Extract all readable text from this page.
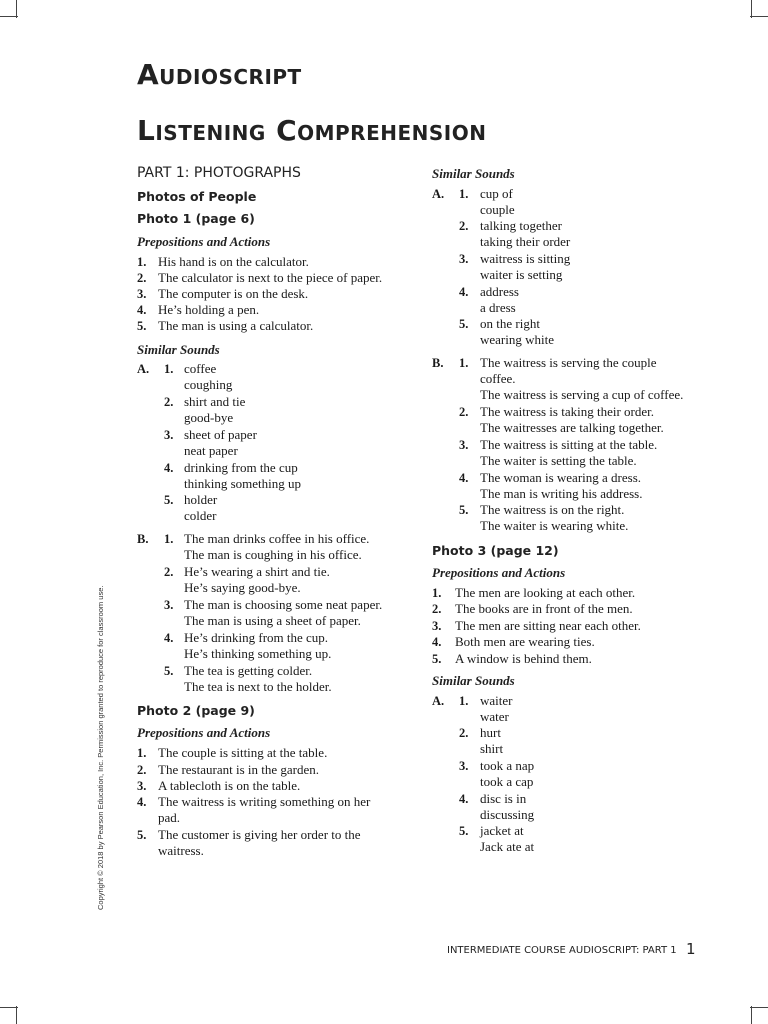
Audioscript
Listening Comprehension
PART 1: PHOTOGRAPHS
Photos of People
Photo 1 (page 6)
Prepositions and Actions
1. His hand is on the calculator.
2. The calculator is next to the piece of paper.
3. The computer is on the desk.
4. He’s holding a pen.
5. The man is using a calculator.
Similar Sounds
A. 1. coffee
coughing
2. shirt and tie
good-bye
3. sheet of paper
neat paper
4. drinking from the cup
thinking something up
5. holder
colder
B. 1. The man drinks coffee in his office.
The man is coughing in his office.
2. He’s wearing a shirt and tie.
He’s saying good-bye.
3. The man is choosing some neat paper.
The man is using a sheet of paper.
4. He’s drinking from the cup.
He’s thinking something up.
5. The tea is getting colder.
The tea is next to the holder.
Photo 2 (page 9)
Prepositions and Actions
1. The couple is sitting at the table.
2. The restaurant is in the garden.
3. A tablecloth is on the table.
4. The waitress is writing something on her
pad.
5. The customer is giving her order to the
waitress.
Similar Sounds
A. 1. cup of
couple
2. talking together
taking their order
3. waitress is sitting
waiter is setting
4. address
a dress
5. on the right
wearing white
B. 1. The waitress is serving the couple
coffee.
The waitress is serving a cup of coffee.
2. The waitress is taking their order.
The waitresses are talking together.
3. The waitress is sitting at the table.
The waiter is setting the table.
4. The woman is wearing a dress.
The man is writing his address.
5. The waitress is on the right.
The waiter is wearing white.
Photo 3 (page 12)
Prepositions and Actions
1. The men are looking at each other.
2. The books are in front of the men.
3. The men are sitting near each other.
4. Both men are wearing ties.
5. A window is behind them.
Similar Sounds
A. 1. waiter
water
2. hurt
shirt
3. took a nap
took a cap
4. disc is in
discussing
5. jacket at
Jack ate at
Copyright © 2018 by Pearson Education, Inc. Permission granted to reproduce for classroom use.
INTERMEDIATE COURSE AUDIOSCRIPT: PART 1 1
